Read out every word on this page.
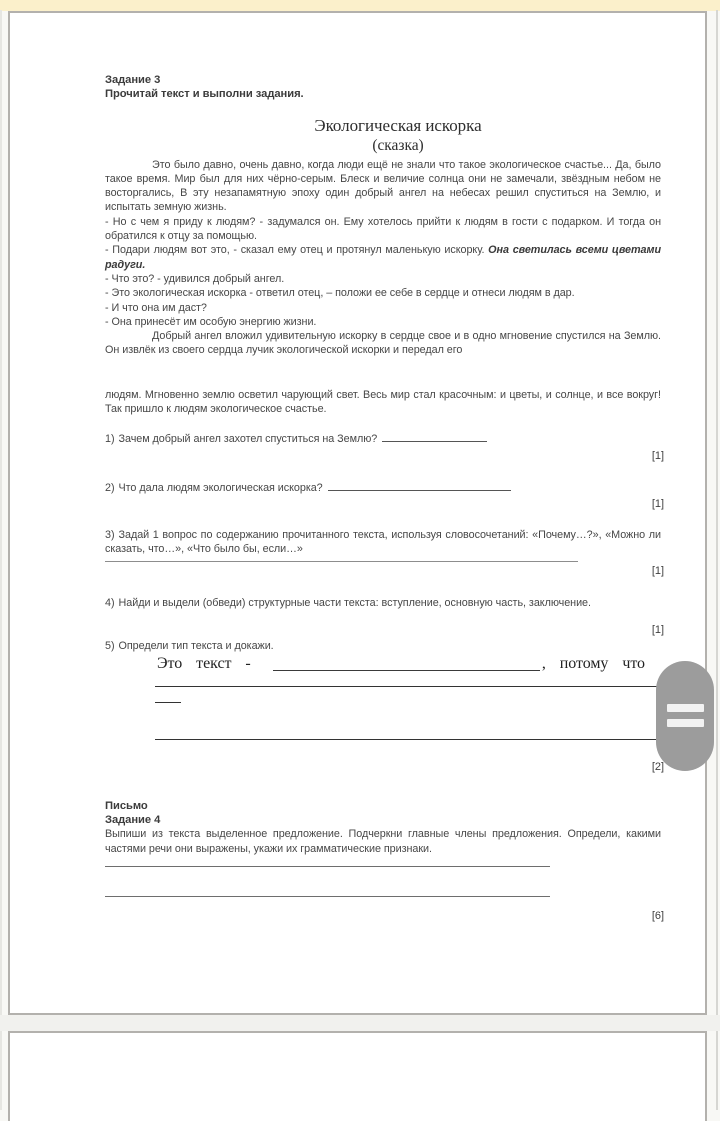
Задание 3
Прочитай текст и выполни задания.
Экологическая искорка
(сказка)

Это было давно, очень давно, когда люди ещё не знали что такое экологическое счастье... Да, было такое время. Мир был для них чёрно-серым. Блеск и величие солнца они не замечали, звёздным небом не восторгались, В эту незапамятную эпоху один добрый ангел на небесах решил спуститься на Землю, и испытать земную жизнь.

- Но с чем я приду к людям? - задумался он. Ему хотелось прийти к людям в гости с подарком. И тогда он обратился к отцу за помощью.

- Подари людям вот это, - сказал ему отец и протянул маленькую искорку. Она светилась всеми цветами радуги.

- Что это? - удивился добрый ангел.

- Это экологическая искорка - ответил отец, – положи ее себе в сердце и отнеси людям в дар.

- И что она им даст?

- Она принесёт им особую энергию жизни.

Добрый ангел вложил удивительную искорку в сердце свое и в одно мгновение спустился на Землю. Он извлёк из своего сердца лучик экологической искорки и передал его

людям. Мгновенно землю осветил чарующий свет. Весь мир стал красочным: и цветы, и солнце, и все вокруг! Так пришло к людям экологическое счастье.

1) Зачем добрый ангел захотел спуститься на Землю?
[1]
2) Что дала людям экологическая искорка?
[1]
3) Задай 1 вопрос по содержанию прочитанного текста, используя словосочетаний: «Почему…?», «Можно ли сказать, что…», «Что было бы, если…»
[1]
4) Найди и выдели (обведи) структурные части текста: вступление, основную часть, заключение.
[1]
5) Определи тип текста и докажи.
Это текст -	, потому что
[2]
Письмо
Задание 4

Выпиши из текста выделенное предложение. Подчеркни главные члены предложения. Определи, какими частями речи они выражены, укажи их грамматические признаки.

[6]
